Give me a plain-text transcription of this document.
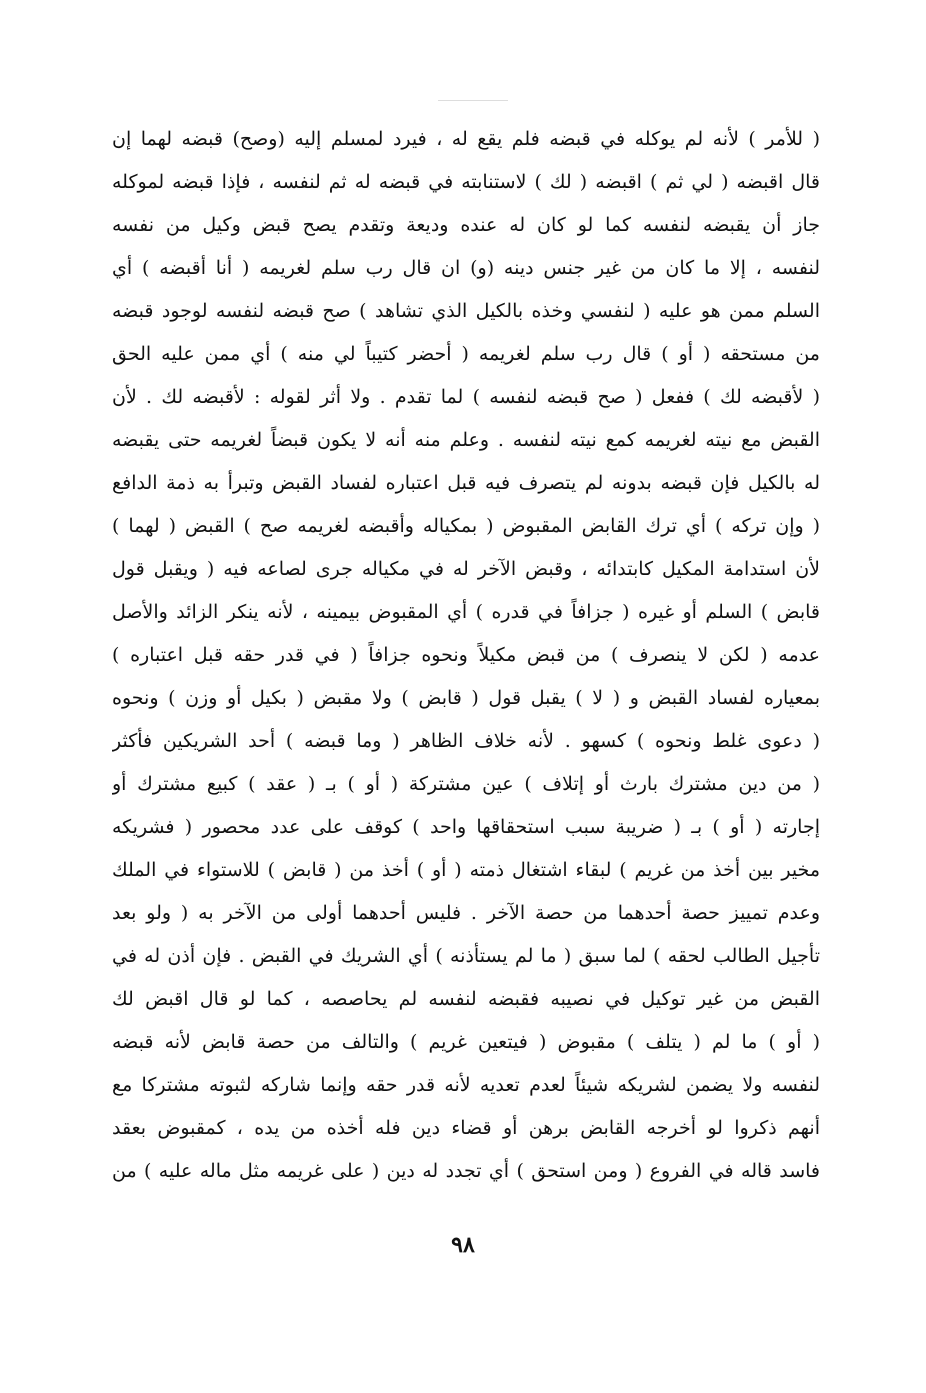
( للأمر ) لأنه لم يوكله في قبضه فلم يقع له ، فيرد لمسلم إليه (وصح) قبضه لهما إن
قال اقبضه ( لي ثم ) اقبضه ( لك ) لاستنابته في قبضه له ثم لنفسه ، فإذا قبضه لموكله
جاز أن يقبضه لنفسه كما لو كان له عنده وديعة وتقدم يصح قبض وكيل من نفسه
لنفسه ، إلا ما كان من غير جنس دينه (و) ان قال رب سلم لغريمه ( أنا أقبضه ) أي
السلم ممن هو عليه ( لنفسي وخذه بالكيل الذي تشاهد ) صح قبضه لنفسه لوجود قبضه
من مستحقه ( أو ) قال رب سلم لغريمه ( أحضر كتيباً لي منه ) أي ممن عليه الحق
( لأقبضه لك ) ففعل ( صح قبضه لنفسه ) لما تقدم . ولا أثر لقوله : لأقبضه لك . لأن
القبض مع نيته لغريمه كمع نيته لنفسه . وعلم منه أنه لا يكون قبضاً لغريمه حتى يقبضه
له بالكيل فإن قبضه بدونه لم يتصرف فيه قبل اعتباره لفساد القبض وتبرأ به ذمة الدافع
( وإن تركه ) أي ترك القابض المقبوض ( بمكياله وأقبضه لغريمه صح ) القبض ( لهما )
لأن استدامة المكيل كابتدائه ، وقبض الآخر له في مكياله جرى لصاعه فيه ( ويقبل قول
قابض ) السلم أو غيره ( جزافاً في قدره ) أي المقبوض بيمينه ، لأنه ينكر الزائد والأصل
عدمه ( لكن لا ينصرف ) من قبض مكيلاً ونحوه جزافاً ( في قدر حقه قبل اعتباره )
بمعياره لفساد القبض و ( لا ) يقبل قول ( قابض ) ولا مقبض ( بكيل أو وزن ) ونحوه
( دعوى غلط ونحوه ) كسهو . لأنه خلاف الظاهر ( وما قبضه ) أحد الشريكين فأكثر
( من دين مشترك بارث أو إتلاف ) عين مشتركة ( أو ) بـ ( عقد ) كبيع مشترك أو
إجارته ( أو ) بـ ( ضريبة سبب استحقاقها واحد ) كوقف على عدد محصور ( فشريكه
مخير بين أخذ من غريم ) لبقاء اشتغال ذمته ( أو ) أخذ من ( قابض ) للاستواء في الملك
وعدم تمييز حصة أحدهما من حصة الآخر . فليس أحدهما أولى من الآخر به ( ولو بعد
تأجيل الطالب لحقه ) لما سبق ( ما لم يستأذنه ) أي الشريك في القبض . فإن أذن له في
القبض من غير توكيل في نصيبه فقبضه لنفسه لم يحاصصه ، كما لو قال اقبض لك
( أو ) ما لم ( يتلف ) مقبوض ( فيتعين غريم ) والتالف من حصة قابض لأنه قبضه
لنفسه ولا يضمن لشريكه شيئاً لعدم تعديه لأنه قدر حقه وإنما شاركه لثبوته مشتركا مع
أنهم ذكروا لو أخرجه القابض برهن أو قضاء دين فله أخذه من يده ، كمقبوض بعقد
فاسد قاله في الفروع ( ومن استحق ) أي تجدد له دين ( على غريمه مثل ماله عليه ) من
٩٨
